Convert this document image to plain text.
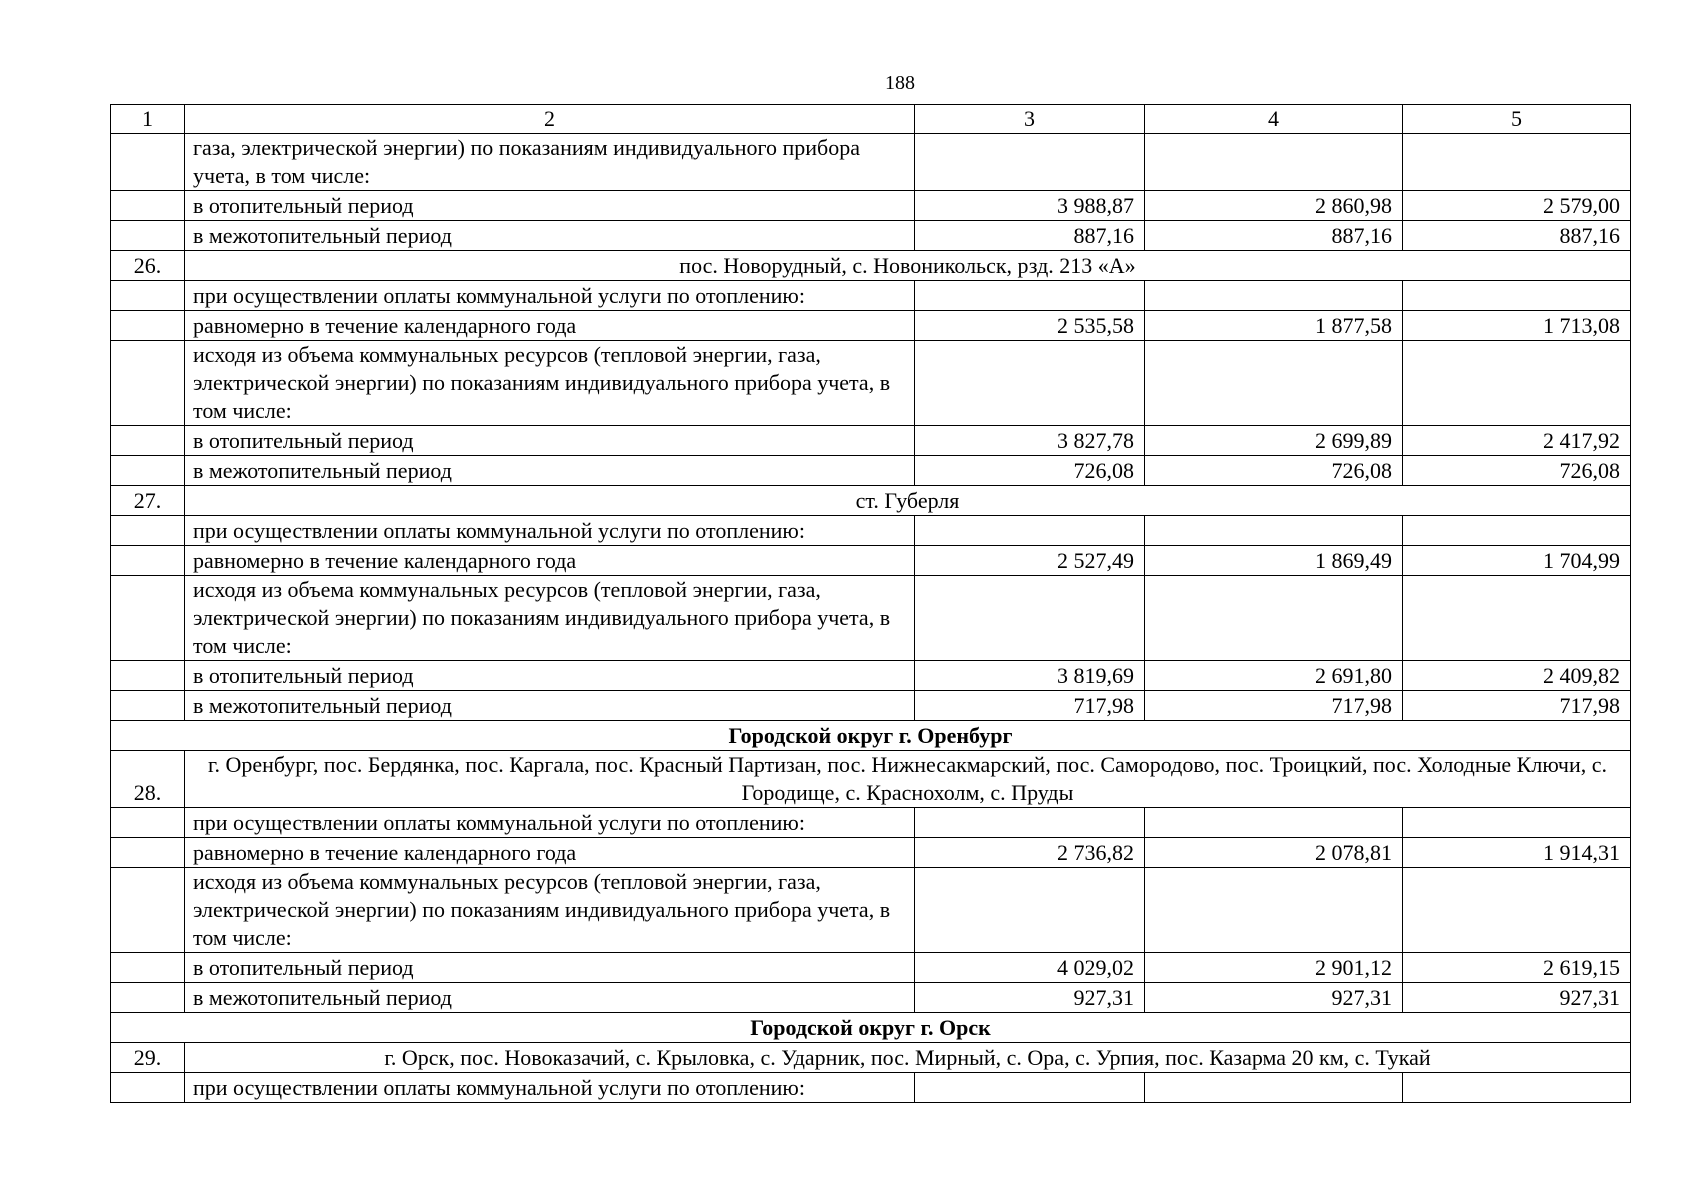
188
1	2	3	4	5
	газа, электрической энергии) по показаниям индивидуального прибора учета, в том числе:			
	в отопительный период	3 988,87	2 860,98	2 579,00
	в межотопительный период	887,16	887,16	887,16
26.	пос. Новорудный, с. Новоникольск, рзд. 213 «А»			
	при осуществлении оплаты коммунальной услуги по отоплению:			
	равномерно в течение календарного года	2 535,58	1 877,58	1 713,08
	исходя из объема коммунальных ресурсов (тепловой энергии, газа, электрической энергии) по показаниям индивидуального прибора учета, в том числе:			
	в отопительный период	3 827,78	2 699,89	2 417,92
	в межотопительный период	726,08	726,08	726,08
27.	ст. Губерля			
	при осуществлении оплаты коммунальной услуги по отоплению:			
	равномерно в течение календарного года	2 527,49	1 869,49	1 704,99
	исходя из объема коммунальных ресурсов (тепловой энергии, газа, электрической энергии) по показаниям индивидуального прибора учета, в том числе:			
	в отопительный период	3 819,69	2 691,80	2 409,82
	в межотопительный период	717,98	717,98	717,98
Городской округ г. Оренбург				
28.	г. Оренбург, пос. Бердянка, пос. Каргала, пос. Красный Партизан, пос. Нижнесакмарский, пос. Самородово, пос. Троицкий, пос. Холодные Ключи, с. Городище, с. Краснохолм, с. Пруды			
	при осуществлении оплаты коммунальной услуги по отоплению:			
	равномерно в течение календарного года	2 736,82	2 078,81	1 914,31
	исходя из объема коммунальных ресурсов (тепловой энергии, газа, электрической энергии) по показаниям индивидуального прибора учета, в том числе:			
	в отопительный период	4 029,02	2 901,12	2 619,15
	в межотопительный период	927,31	927,31	927,31
Городской округ г. Орск				
29.	г. Орск, пос. Новоказачий, с. Крыловка, с. Ударник, пос. Мирный, с. Ора, с. Урпия, пос. Казарма 20 км, с. Тукай			
	при осуществлении оплаты коммунальной услуги по отоплению:			
